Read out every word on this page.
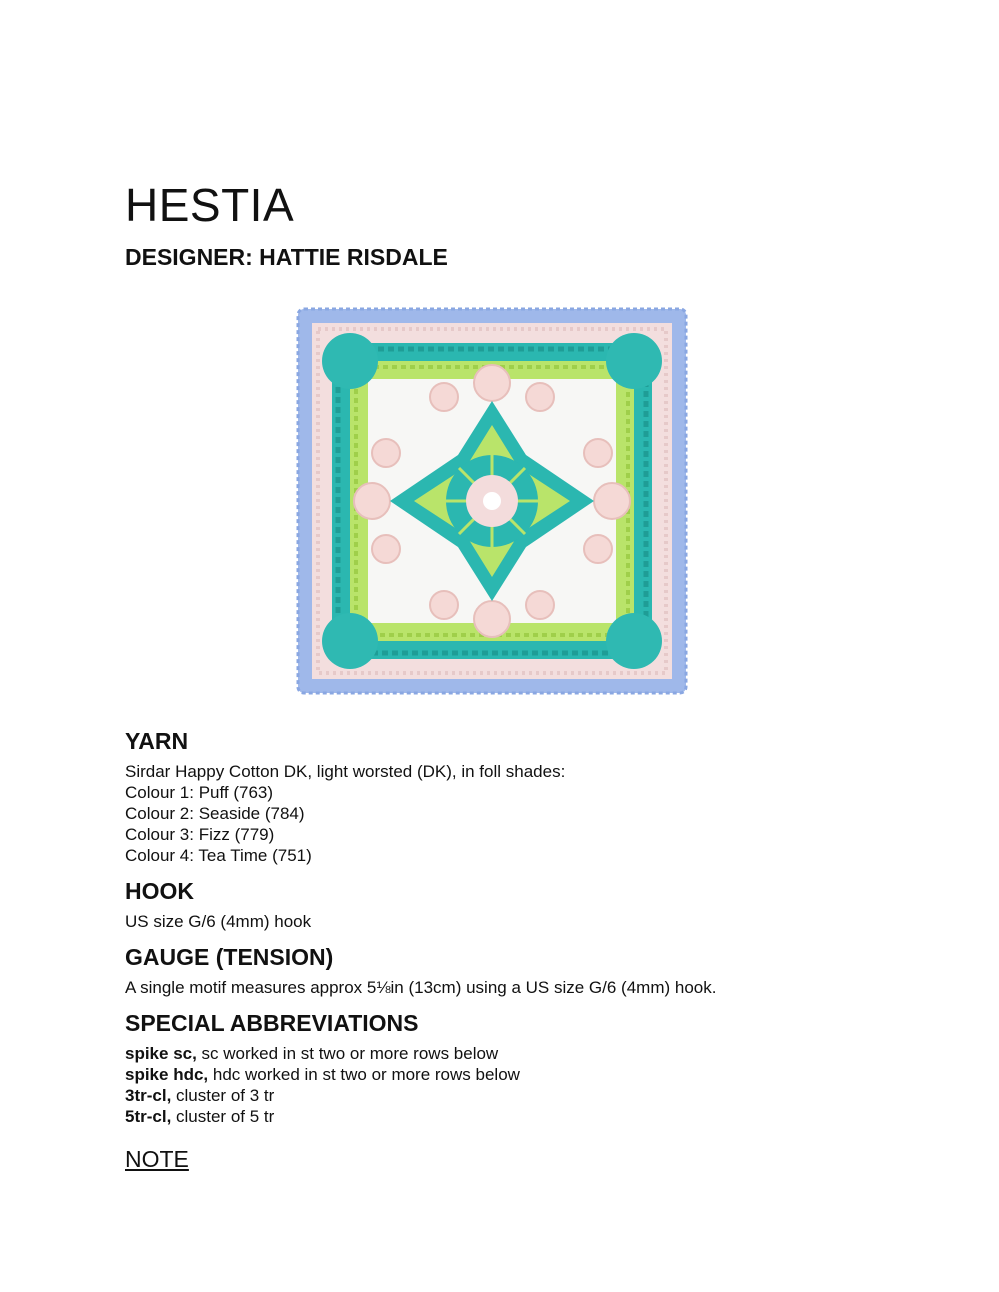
HESTIA
DESIGNER: HATTIE RISDALE
YARN
Sirdar Happy Cotton DK, light worsted (DK), in foll shades:
Colour 1: Puff (763)
Colour 2: Seaside (784)
Colour 3: Fizz (779)
Colour 4: Tea Time (751)
HOOK
US size G/6 (4mm) hook
GAUGE (TENSION)
A single motif measures approx 5⅛in (13cm) using a US size G/6 (4mm) hook.
SPECIAL ABBREVIATIONS
spike sc, sc worked in st two or more rows below
spike hdc, hdc worked in st two or more rows below
3tr-cl, cluster of 3 tr
5tr-cl, cluster of 5 tr
NOTE
